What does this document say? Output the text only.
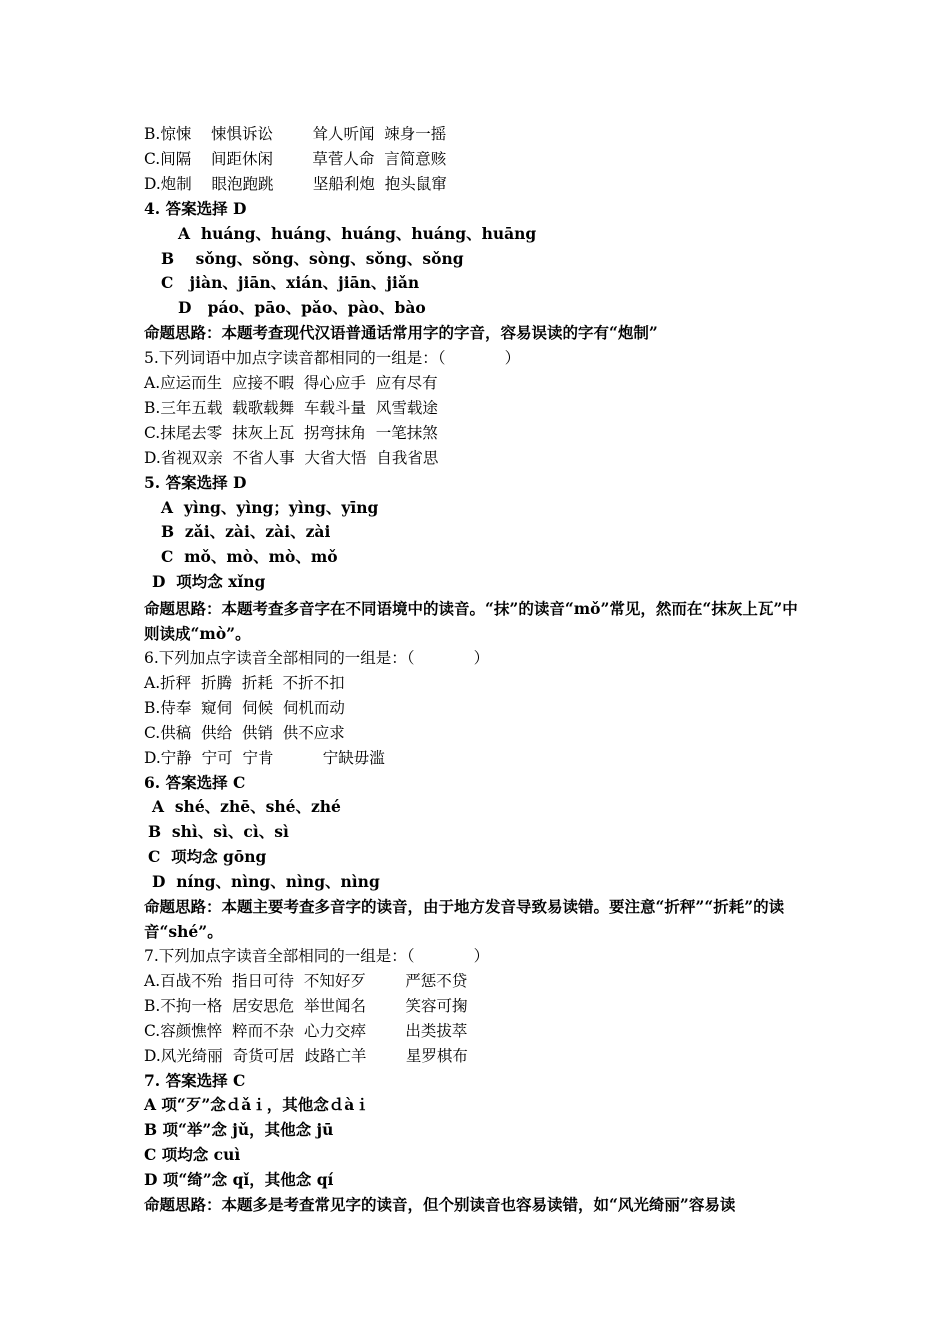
B.惊悚    悚惧诉讼        耸人听闻  竦身一摇
C.间隔    间距休闲        草菅人命  言简意赅
D.炮制    眼泡跑跳        坚船利炮  抱头鼠窜
4. 答案选择 D
A  huáng、huáng、huáng、huáng、huāng
B    sǒng、sǒng、sòng、sǒng、sǒng
C   jiàn、jiān、xián、jiān、jiǎn
D   páo、pāo、pǎo、pào、bào
命题思路：本题考查现代汉语普通话常用字的字音，容易误读的字有“炮制”
5.下列词语中加点字读音都相同的一组是：（            ）
A.应运而生  应接不暇  得心应手  应有尽有
B.三年五载  载歌载舞  车载斗量  风雪载途
C.抹尾去零  抹灰上瓦  拐弯抹角  一笔抹煞
D.省视双亲  不省人事  大省大悟  自我省思
5. 答案选择 D
A  yìng、yìng；yìng、yīng
B  zǎi、zài、zài、zài
C  mǒ、mò、mò、mǒ
D  项均念 xǐng
命题思路：本题考查多音字在不同语境中的读音。“抹”的读音“mǒ”常见，然而在“抹灰上瓦”中则读成“mò”。
6.下列加点字读音全部相同的一组是：（            ）
A.折秤  折腾  折耗  不折不扣
B.侍奉  窥伺  伺候  伺机而动
C.供稿  供给  供销  供不应求
D.宁静  宁可  宁肯          宁缺毋滥
6. 答案选择 C
A  shé、zhē、shé、zhé
B  shì、sì、cì、sì
C  项均念 gōng
D  níng、nìng、nìng、nìng
命题思路：本题主要考查多音字的读音，由于地方发音导致易读错。要注意“折秤”“折耗”的读音“shé”。
7.下列加点字读音全部相同的一组是：（            ）
A.百战不殆  指日可待  不知好歹        严惩不贷
B.不拘一格  居安思危  举世闻名        笑容可掬
C.容颜憔悴  粹而不杂  心力交瘁        出类拔萃
D.风光绮丽  奇货可居  歧路亡羊        星罗棋布
7. 答案选择 C
A 项“歹”念ｄǎｉ，其他念ｄàｉ
B 项“举”念 jǔ，其他念 jū
C 项均念 cuì
D 项“绮”念 qǐ，其他念 qí
命题思路：本题多是考查常见字的读音，但个别读音也容易读错，如“风光绮丽”容易读
